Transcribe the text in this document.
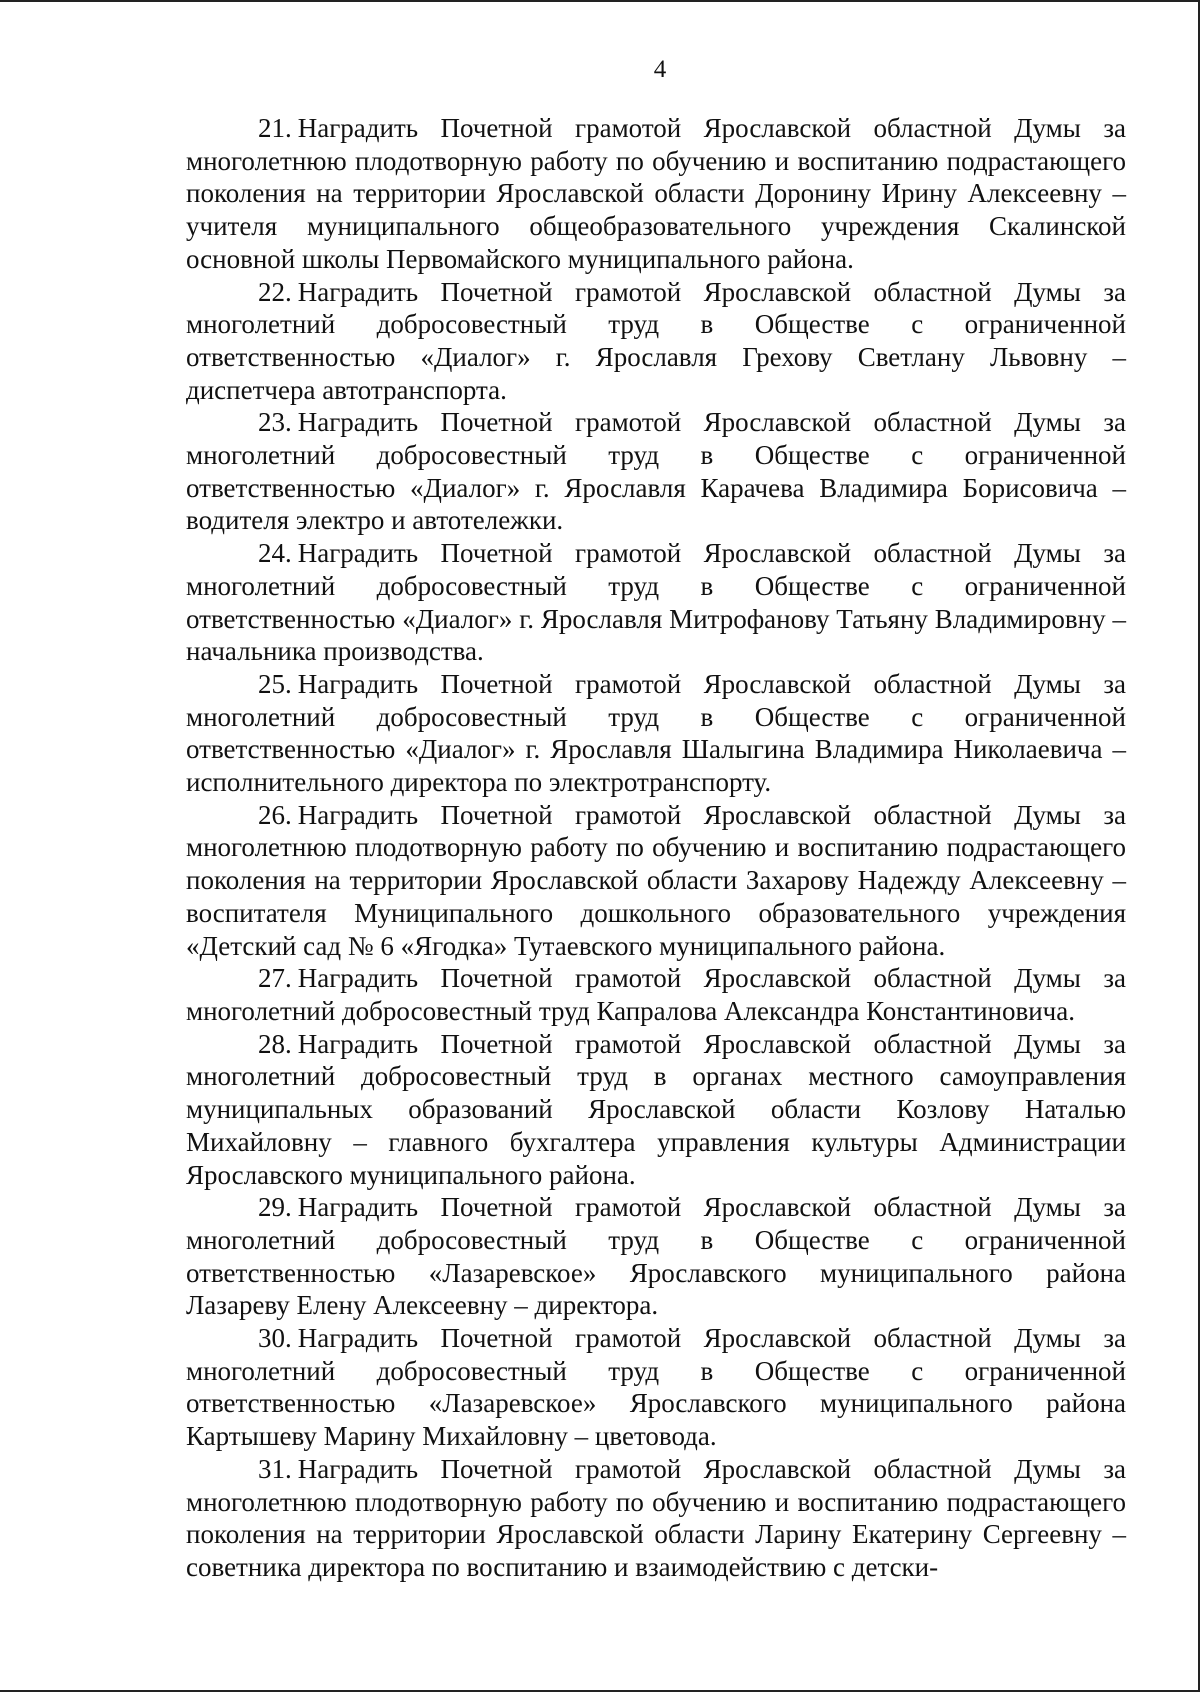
4

21. Наградить Почетной грамотой Ярославской областной Думы за многолетнюю плодотворную работу по обучению и воспитанию подрастающего поколения на территории Ярославской области Доронину Ирину Алексеевну – учителя муниципального общеобразовательного учреждения Скалинской основной школы Первомайского муниципального района.

22. Наградить Почетной грамотой Ярославской областной Думы за многолетний добросовестный труд в Обществе с ограниченной ответственностью «Диалог» г. Ярославля Грехову Светлану Львовну – диспетчера автотранспорта.

23. Наградить Почетной грамотой Ярославской областной Думы за многолетний добросовестный труд в Обществе с ограниченной ответственностью «Диалог» г. Ярославля Карачева Владимира Борисовича – водителя электро и автотележки.

24. Наградить Почетной грамотой Ярославской областной Думы за многолетний добросовестный труд в Обществе с ограниченной ответственностью «Диалог» г. Ярославля Митрофанову Татьяну Владимировну – начальника производства.

25. Наградить Почетной грамотой Ярославской областной Думы за многолетний добросовестный труд в Обществе с ограниченной ответственностью «Диалог» г. Ярославля Шалыгина Владимира Николаевича – исполнительного директора по электротранспорту.

26. Наградить Почетной грамотой Ярославской областной Думы за многолетнюю плодотворную работу по обучению и воспитанию подрастающего поколения на территории Ярославской области Захарову Надежду Алексеевну – воспитателя Муниципального дошкольного образовательного учреждения «Детский сад № 6 «Ягодка» Тутаевского муниципального района.

27. Наградить Почетной грамотой Ярославской областной Думы за многолетний добросовестный труд Капралова Александра Константиновича.

28. Наградить Почетной грамотой Ярославской областной Думы за многолетний добросовестный труд в органах местного самоуправления муниципальных образований Ярославской области Козлову Наталью Михайловну – главного бухгалтера управления культуры Администрации Ярославского муниципального района.

29. Наградить Почетной грамотой Ярославской областной Думы за многолетний добросовестный труд в Обществе с ограниченной ответственностью «Лазаревское» Ярославского муниципального района Лазареву Елену Алексеевну – директора.

30. Наградить Почетной грамотой Ярославской областной Думы за многолетний добросовестный труд в Обществе с ограниченной ответственностью «Лазаревское» Ярославского муниципального района Картышеву Марину Михайловну – цветовода.

31. Наградить Почетной грамотой Ярославской областной Думы за многолетнюю плодотворную работу по обучению и воспитанию подрастающего поколения на территории Ярославской области Ларину Екатерину Сергеевну – советника директора по воспитанию и взаимодействию с детски-
